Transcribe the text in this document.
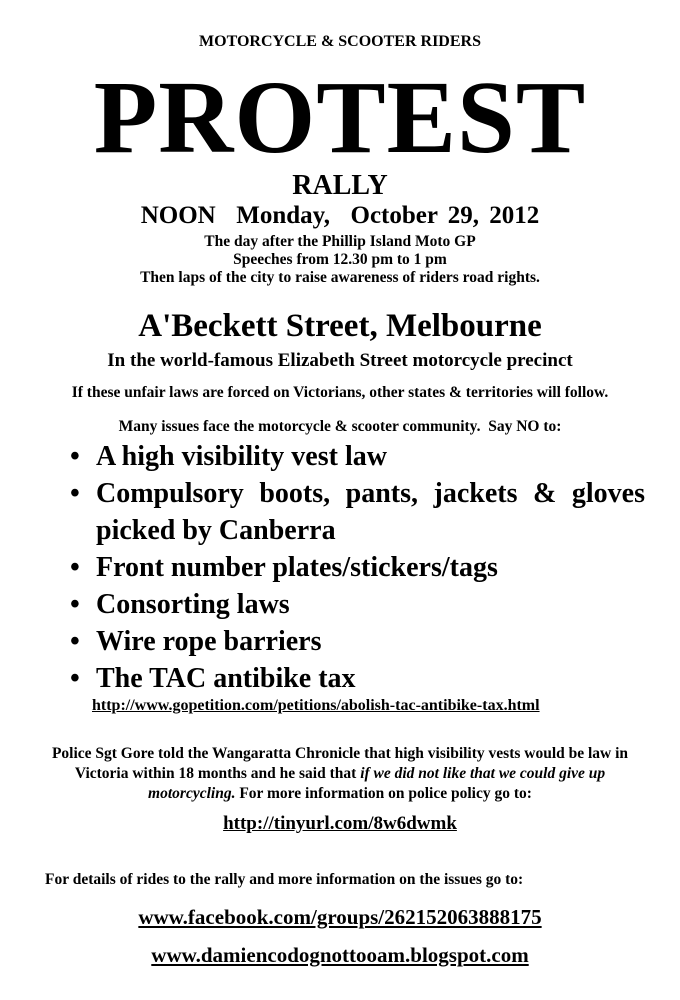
MOTORCYCLE & SCOOTER RIDERS
PROTEST
RALLY
NOON  Monday,  October 29, 2012
The day after the Phillip Island Moto GP
Speeches from 12.30 pm to 1 pm
Then laps of the city to raise awareness of riders road rights.
A'Beckett Street, Melbourne
In the world-famous Elizabeth Street motorcycle precinct
If these unfair laws are forced on Victorians, other states & territories will follow.
Many issues face the motorcycle & scooter community.  Say NO to:
• A high visibility vest law
• Compulsory boots, pants, jackets & gloves picked by Canberra
• Front number plates/stickers/tags
• Consorting laws
• Wire rope barriers
• The TAC antibike tax
http://www.gopetition.com/petitions/abolish-tac-antibike-tax.html

Police Sgt Gore told the Wangaratta Chronicle that high visibility vests would be law in Victoria within 18 months and he said that if we did not like that we could give up motorcycling. For more information on police policy go to:

http://tinyurl.com/8w6dwmk
For details of rides to the rally and more information on the issues go to:
www.facebook.com/groups/262152063888175
www.damiencodognottooam.blogspot.com
